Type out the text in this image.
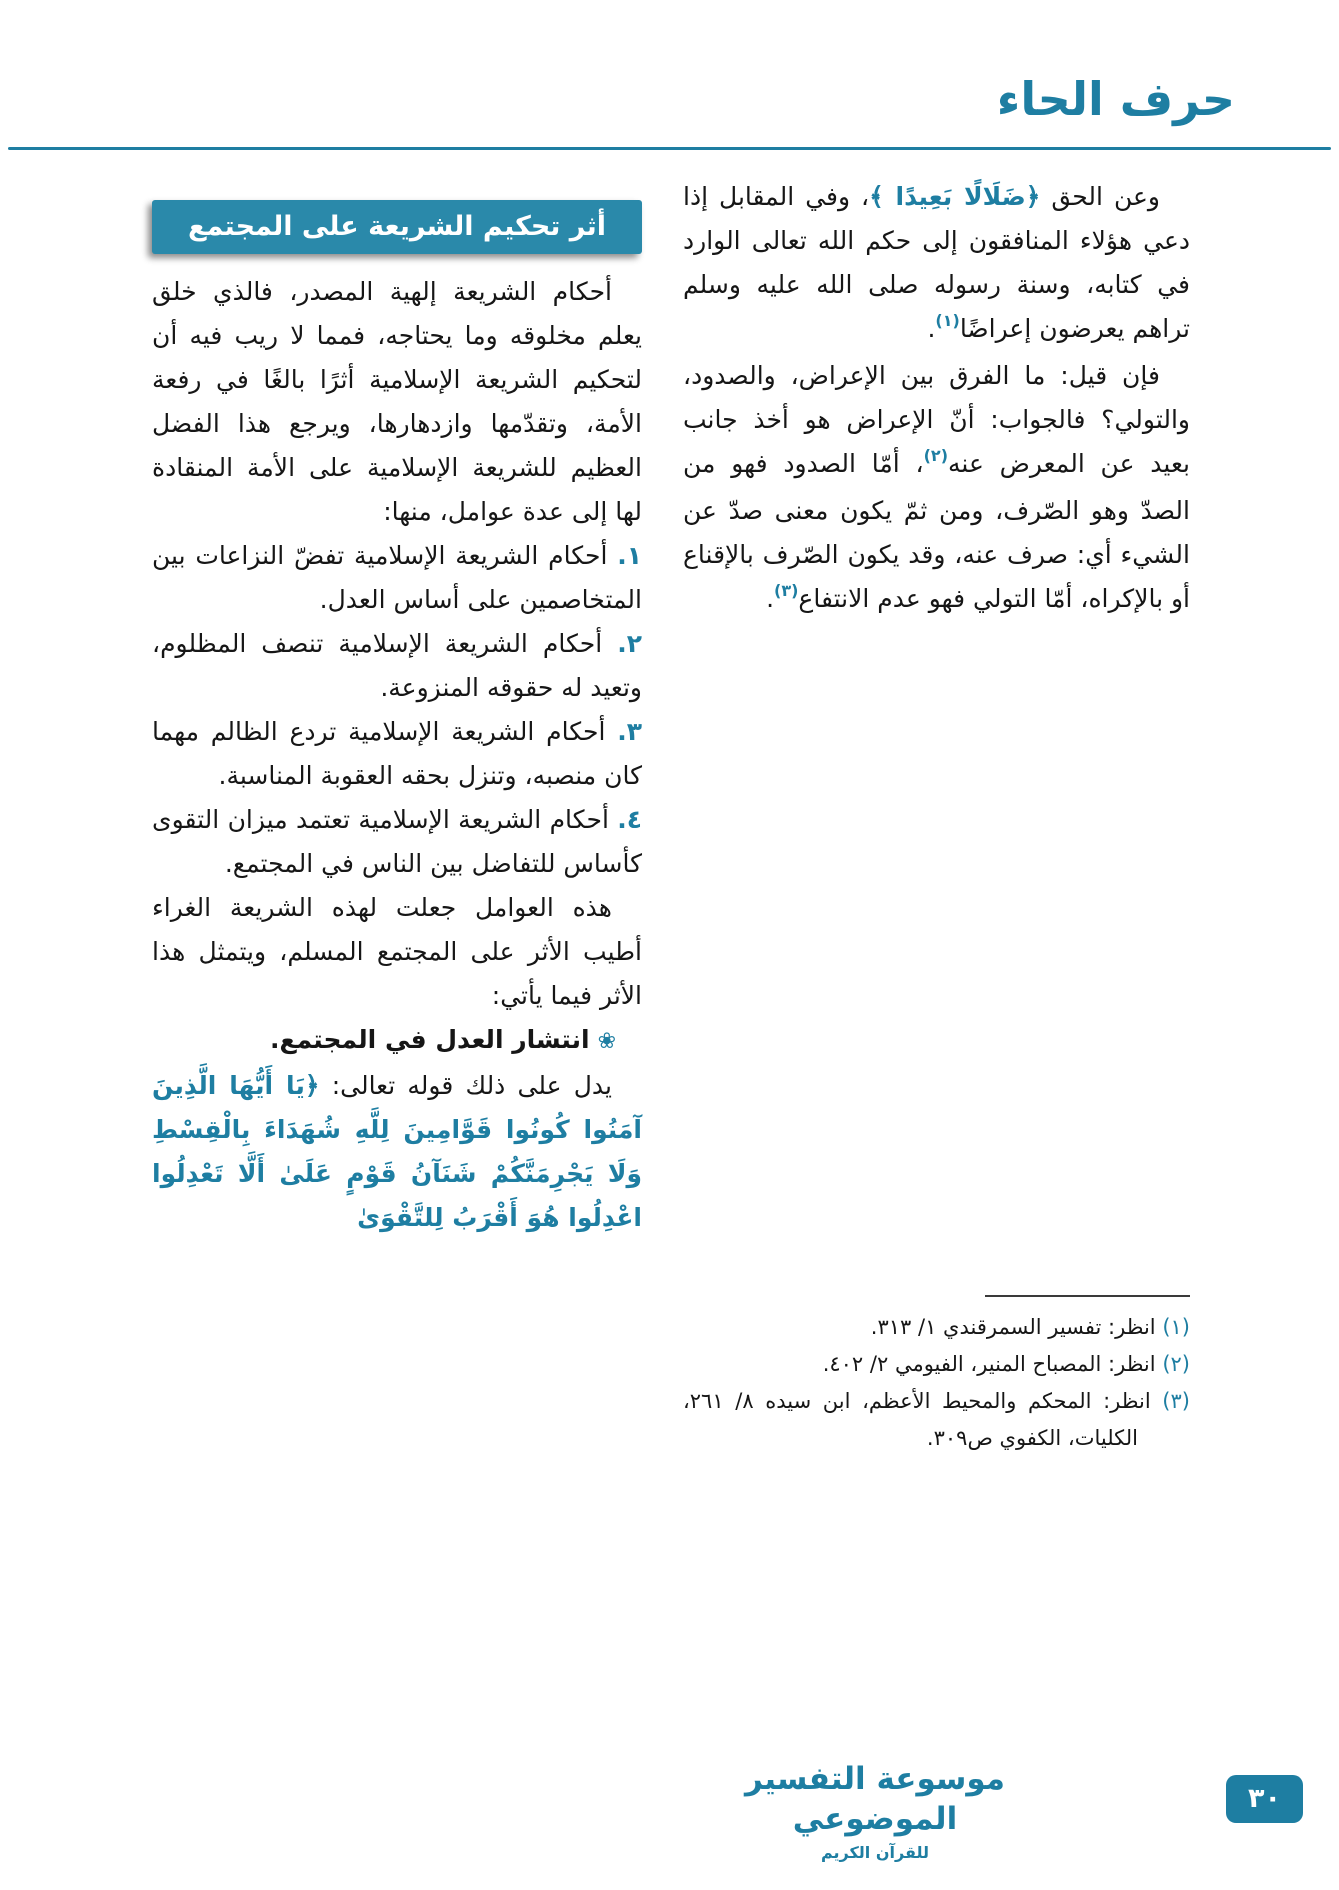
حرف الحاء

وعن الحق ﴿ضَلَالًا بَعِيدًا ﴾، وفي المقابل إذا دعي هؤلاء المنافقون إلى حكم الله تعالى الوارد في كتابه، وسنة رسوله صلى الله عليه وسلم تراهم يعرضون إعراضًا$^{(١)}$.

فإن قيل: ما الفرق بين الإعراض، والصدود، والتولي؟ فالجواب: أنّ الإعراض هو أخذ جانب بعيد عن المعرض عنه$^{(٢)}$، أمّا الصدود فهو من الصدّ وهو الصّرف، ومن ثمّ يكون معنى صدّ عن الشيء أي: صرف عنه، وقد يكون الصّرف بالإقناع أو بالإكراه، أمّا التولي فهو عدم الانتفاع$^{(٣)}$.

أثر تحكيم الشريعة على المجتمع

أحكام الشريعة إلهية المصدر، فالذي خلق يعلم مخلوقه وما يحتاجه، فمما لا ريب فيه أن لتحكيم الشريعة الإسلامية أثرًا بالغًا في رفعة الأمة، وتقدّمها وازدهارها، ويرجع هذا الفضل العظيم للشريعة الإسلامية على الأمة المنقادة لها إلى عدة عوامل، منها:

١. أحكام الشريعة الإسلامية تفضّ النزاعات بين المتخاصمين على أساس العدل.

٢. أحكام الشريعة الإسلامية تنصف المظلوم، وتعيد له حقوقه المنزوعة.

٣. أحكام الشريعة الإسلامية تردع الظالم مهما كان منصبه، وتنزل بحقه العقوبة المناسبة.

٤. أحكام الشريعة الإسلامية تعتمد ميزان التقوى كأساس للتفاضل بين الناس في المجتمع.

هذه العوامل جعلت لهذه الشريعة الغراء أطيب الأثر على المجتمع المسلم، ويتمثل هذا الأثر فيما يأتي:

❀ انتشار العدل في المجتمع.

يدل على ذلك قوله تعالى: ﴿يَا أَيُّهَا الَّذِينَ آمَنُوا كُونُوا قَوَّامِينَ لِلَّهِ شُهَدَاءَ بِالْقِسْطِ وَلَا يَجْرِمَنَّكُمْ شَنَآنُ قَوْمٍ عَلَىٰ أَلَّا تَعْدِلُوا اعْدِلُوا هُوَ أَقْرَبُ لِلتَّقْوَىٰ

(١) انظر: تفسير السمرقندي ١/ ٣١٣.

(٢) انظر: المصباح المنير، الفيومي ٢/ ٤٠٢.

(٣) انظر: المحكم والمحيط الأعظم، ابن سيده ٨/ ٢٦١، الكليات، الكفوي ص٣٠٩.

موسوعة التفسير الموضوعي
للقرآن الكريم
٣٠
